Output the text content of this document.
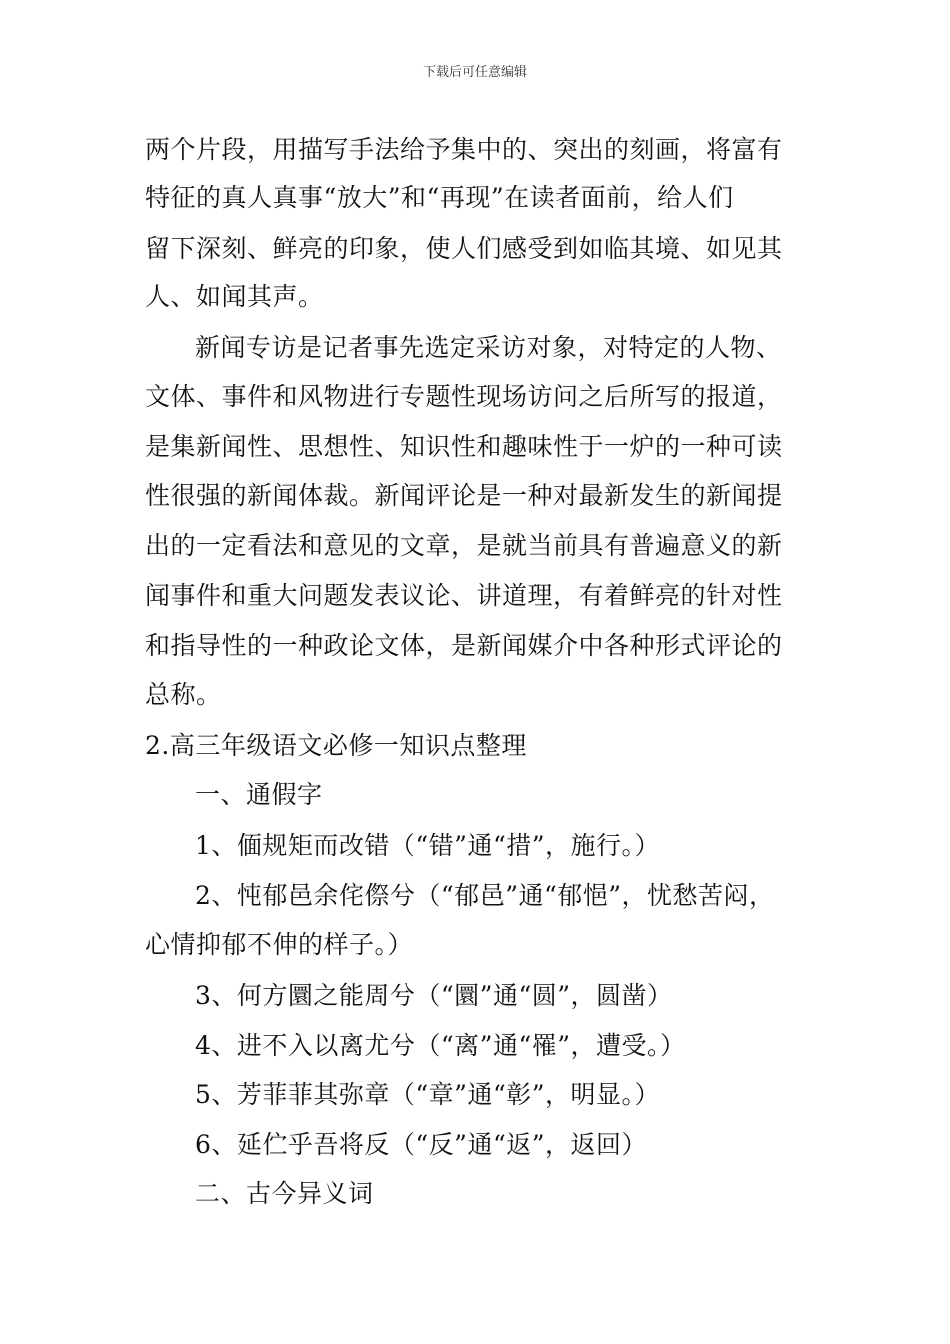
下载后可任意编辑
两个片段，用描写手法给予集中的、突出的刻画，将富有
特征的真人真事“放大”和“再现”在读者面前，给人们
留下深刻、鲜亮的印象，使人们感受到如临其境、如见其
人、如闻其声。
新闻专访是记者事先选定采访对象，对特定的人物、
文体、事件和风物进行专题性现场访问之后所写的报道，
是集新闻性、思想性、知识性和趣味性于一炉的一种可读
性很强的新闻体裁。新闻评论是一种对最新发生的新闻提
出的一定看法和意见的文章，是就当前具有普遍意义的新
闻事件和重大问题发表议论、讲道理，有着鲜亮的针对性
和指导性的一种政论文体，是新闻媒介中各种形式评论的
总称。
2.高三年级语文必修一知识点整理
一、通假字
1、偭规矩而改错（“错”通“措”，施行。）
2、忳郁邑余侘傺兮（“郁邑”通“郁悒”，忧愁苦闷，
心情抑郁不伸的样子。）
3、何方圜之能周兮（“圜”通“圆”，圆凿）
4、进不入以离尤兮（“离”通“罹”，遭受。）
5、芳菲菲其弥章（“章”通“彰”，明显。）
6、延伫乎吾将反（“反”通“返”，返回）
二、古今异义词
